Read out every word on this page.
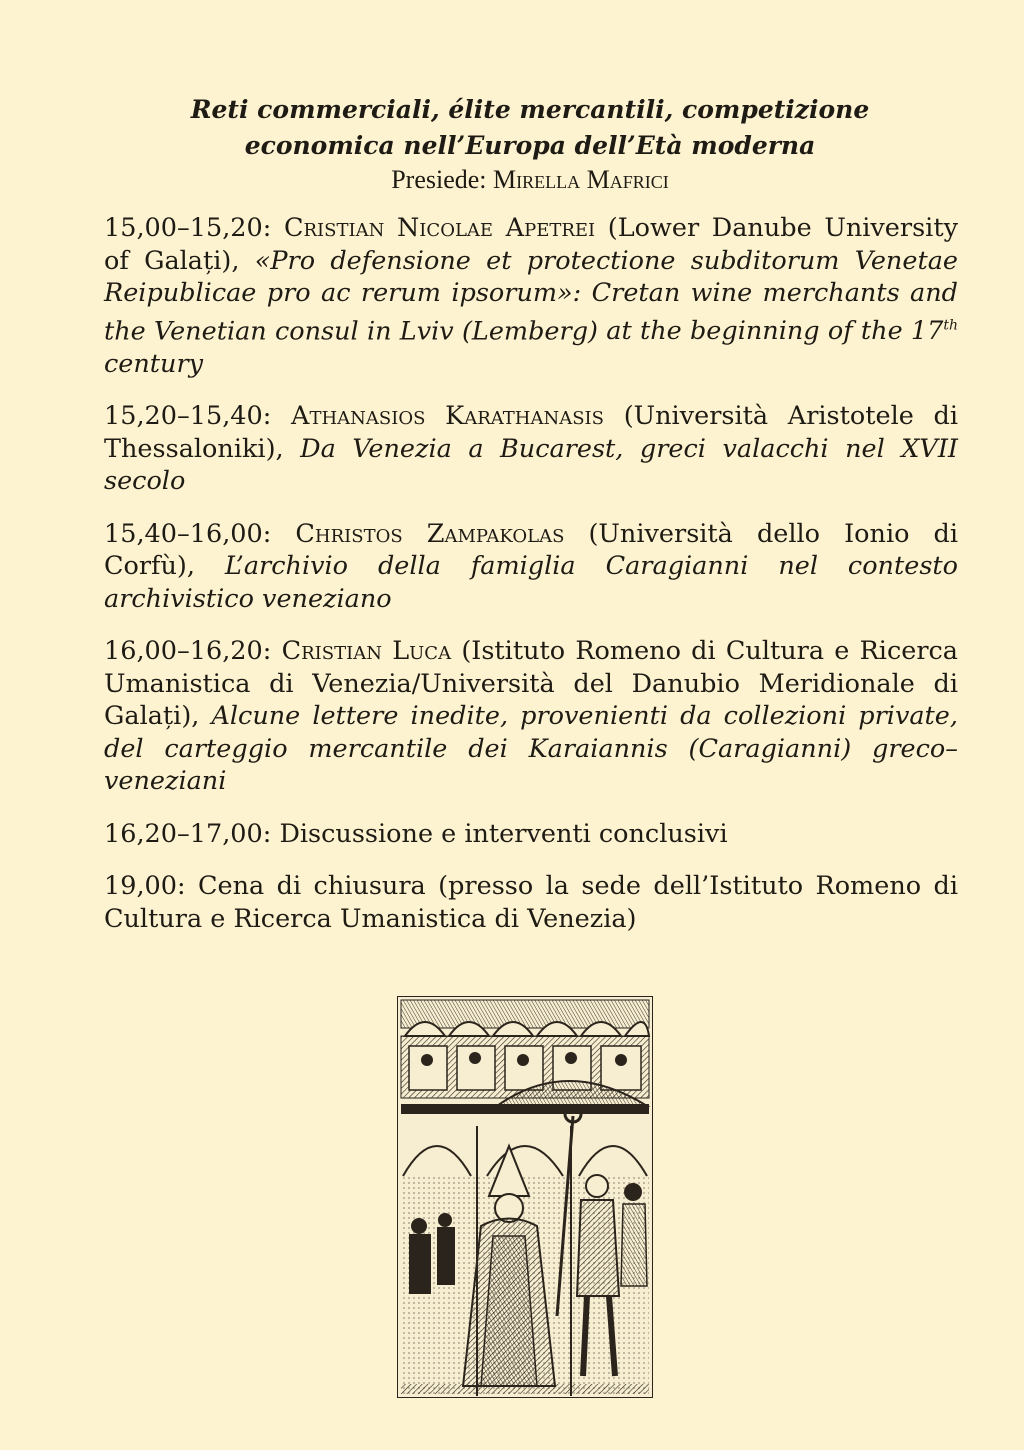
Reti commerciali, élite mercantili, competizione
economica nell’Europa dell’Età moderna

Presiede: Mirella Mafrici

15,00–15,20: Cristian Nicolae Apetrei (Lower Danube University of Galați), «Pro defensione et protectione subditorum Venetae Reipublicae pro ac rerum ipsorum»: Cretan wine merchants and the Venetian consul in Lviv (Lemberg) at the beginning of the 17th century

15,20–15,40: Athanasios Karathanasis (Università Aristotele di Thessaloniki), Da Venezia a Bucarest, greci valacchi nel XVII secolo

15,40–16,00: Christos Zampakolas (Università dello Ionio di Corfù), L’archivio della famiglia Caragianni nel contesto archivistico veneziano

16,00–16,20: Cristian Luca (Istituto Romeno di Cultura e Ricerca Umanistica di Venezia/Università del Danubio Meridionale di Galați), Alcune lettere inedite, provenienti da collezioni private, del carteggio mercantile dei Karaiannis (Caragianni) greco–veneziani

16,20–17,00: Discussione e interventi conclusivi

19,00: Cena di chiusura (presso la sede dell’Istituto Romeno di Cultura e Ricerca Umanistica di Venezia)
